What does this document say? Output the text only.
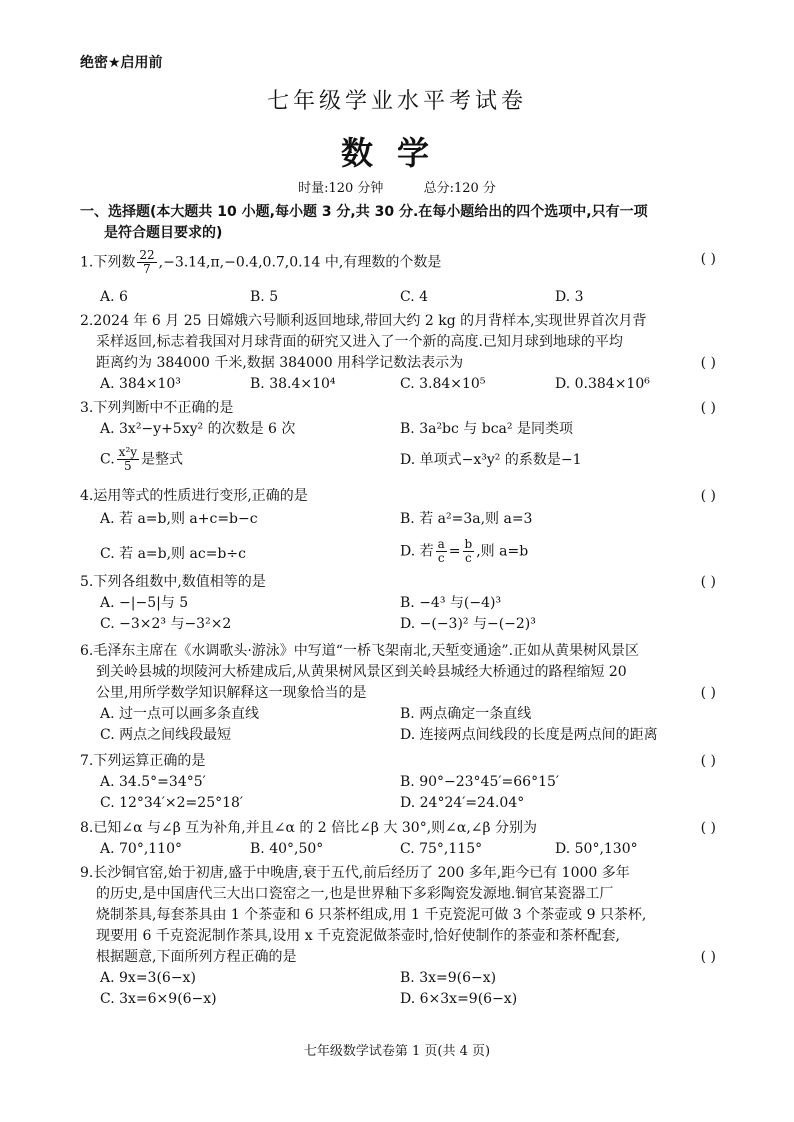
绝密★启用前
七年级学业水平考试卷
数学
时量:120 分钟	总分:120 分
一、选择题(本大题共 10 小题,每小题 3 分,共 30 分.在每小题给出的四个选项中,只有一项
是符合题目要求的)
1.下列数 $\frac{22}{7} ,-3.14,\pi,-0.4,0.7,0.14$ 中,有理数的个数是	( )
A. 6	B. 5	C. 4	D. 3
2.2024 年 6 月 25 日嫦娥六号顺利返回地球,带回大约 2 kg 的月背样本,实现世界首次月背
采样返回,标志着我国对月球背面的研究又进入了一个新的高度.已知月球到地球的平均
距离约为 384000 千米,数据 384000 用科学记数法表示为	( )
A. 384×10³	B. 38.4×10⁴	C. 3.84×10⁵	D. 0.384×10⁶
3.下列判断中不正确的是	( )
A. 3x²−y+5xy² 的次数是 6 次	B. 3a²bc 与 bca² 是同类项
C. $\frac{\text{x²y}}{5}$ 是整式	D. 单项式−x³y² 的系数是−1
4.运用等式的性质进行变形,正确的是	( )
A. 若 a=b,则 a+c=b−c	B. 若 a²=3a,则 a=3
C. 若 a=b,则 ac=b÷c	D. 若 $\frac{a}{c} = \frac{b}{c}$ ,则 a=b
5.下列各组数中,数值相等的是	( )
A. −|−5|与 5	B. −4³ 与(−4)³
C. −3×2³ 与−3²×2	D. −(−3)² 与−(−2)³
6.毛泽东主席在《水调歌头·游泳》中写道“一桥飞架南北,天堑变通途”.正如从黄果树风景区
到关岭县城的坝陵河大桥建成后,从黄果树风景区到关岭县城经大桥通过的路程缩短 20
公里,用所学数学知识解释这一现象恰当的是	( )
A. 过一点可以画多条直线	B. 两点确定一条直线
C. 两点之间线段最短	D. 连接两点间线段的长度是两点间的距离
7.下列运算正确的是	( )
A. 34.5°=34°5′	B. 90°−23°45′=66°15′
C. 12°34′×2=25°18′	D. 24°24′=24.04°
8.已知∠α 与∠β 互为补角,并且∠α 的 2 倍比∠β 大 30°,则∠α,∠β 分别为	( )
A. 70°,110°	B. 40°,50°	C. 75°,115°	D. 50°,130°
9.长沙铜官窑,始于初唐,盛于中晚唐,衰于五代,前后经历了 200 多年,距今已有 1000 多年
的历史,是中国唐代三大出口瓷窑之一,也是世界釉下多彩陶瓷发源地.铜官某瓷器工厂
烧制茶具,每套茶具由 1 个茶壶和 6 只茶杯组成,用 1 千克瓷泥可做 3 个茶壶或 9 只茶杯,
现要用 6 千克瓷泥制作茶具,设用 x 千克瓷泥做茶壶时,恰好使制作的茶壶和茶杯配套,
根据题意,下面所列方程正确的是	( )
A. 9x=3(6−x)	B. 3x=9(6−x)
C. 3x=6×9(6−x)	D. 6×3x=9(6−x)
七年级数学试卷第 1 页(共 4 页)
